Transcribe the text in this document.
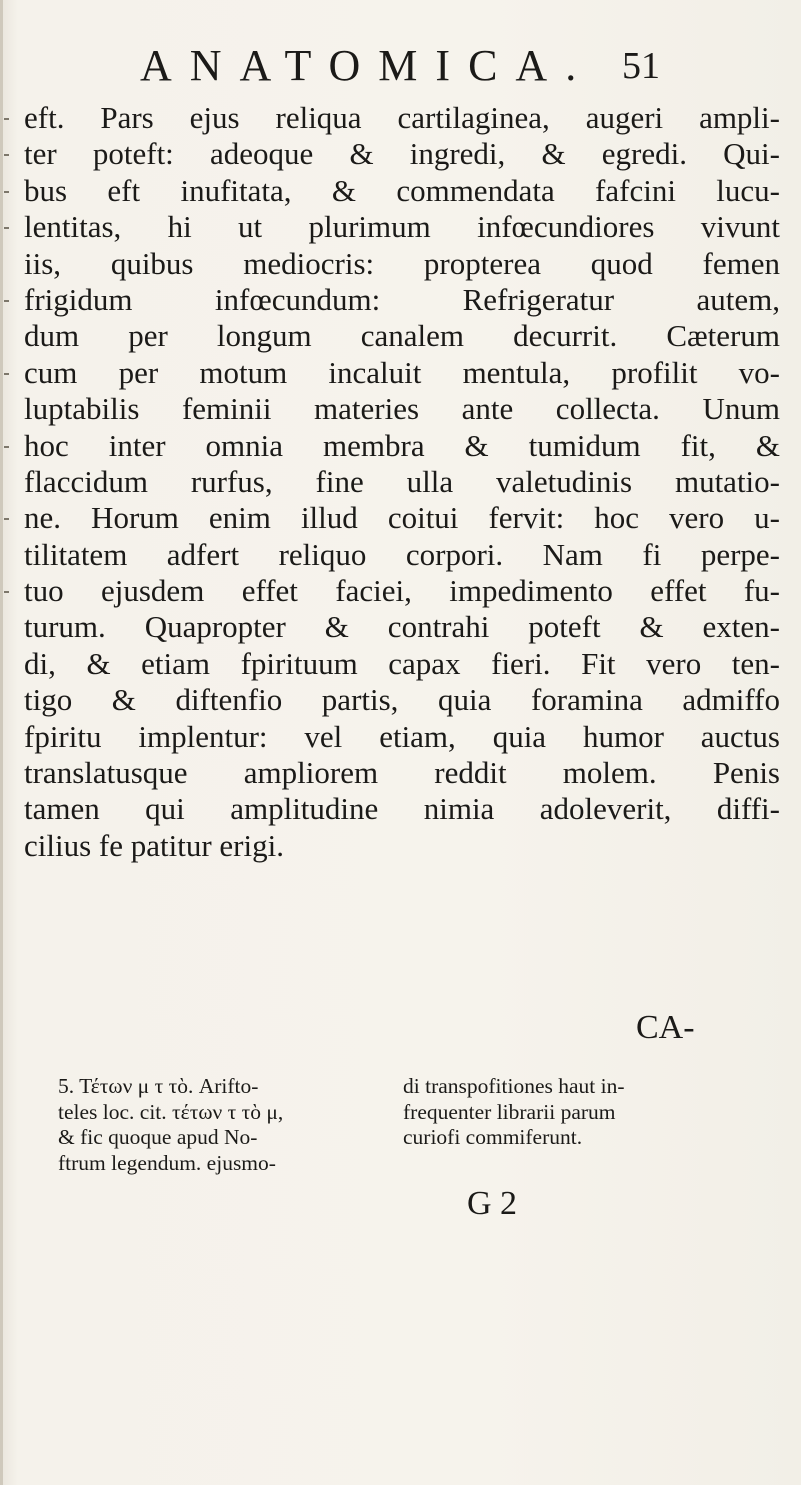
ANATOMICA. 51
eft. Pars ejus reliqua cartilaginea, augeri ampli-
ter poteft: adeoque & ingredi, & egredi. Qui-
bus eft inufitata, & commendata fafcini lucu-
lentitas, hi ut plurimum infœcundiores vivunt
iis, quibus mediocris: propterea quod femen
frigidum infœcundum: Refrigeratur autem,
dum per longum canalem decurrit. Cæterum
cum per motum incaluit mentula, profilit vo-
luptabilis feminii materies ante collecta. Unum
hoc inter omnia membra & tumidum fit, &
flaccidum rurfus, fine ulla valetudinis mutatio-
ne. Horum enim illud coitui fervit: hoc vero u-
tilitatem adfert reliquo corpori. Nam fi perpe-
tuo ejusdem effet faciei, impedimento effet fu-
turum. Quapropter & contrahi poteft & exten-
di, & etiam fpirituum capax fieri. Fit vero ten-
tigo & diftenfio partis, quia foramina admiffo
fpiritu implentur: vel etiam, quia humor auctus
translatusque ampliorem reddit molem. Penis
tamen qui amplitudine nimia adoleverit, diffi-
cilius fe patitur erigi.
CA-
5. Τέτων μ τ τὸ. Arifto-
teles loc. cit. τέτων τ τὸ μ,
& fic quoque apud No-
ftrum legendum. ejusmo-
di transpofitiones haut in-
frequenter librarii parum
curiofi commiferunt.
G 2
